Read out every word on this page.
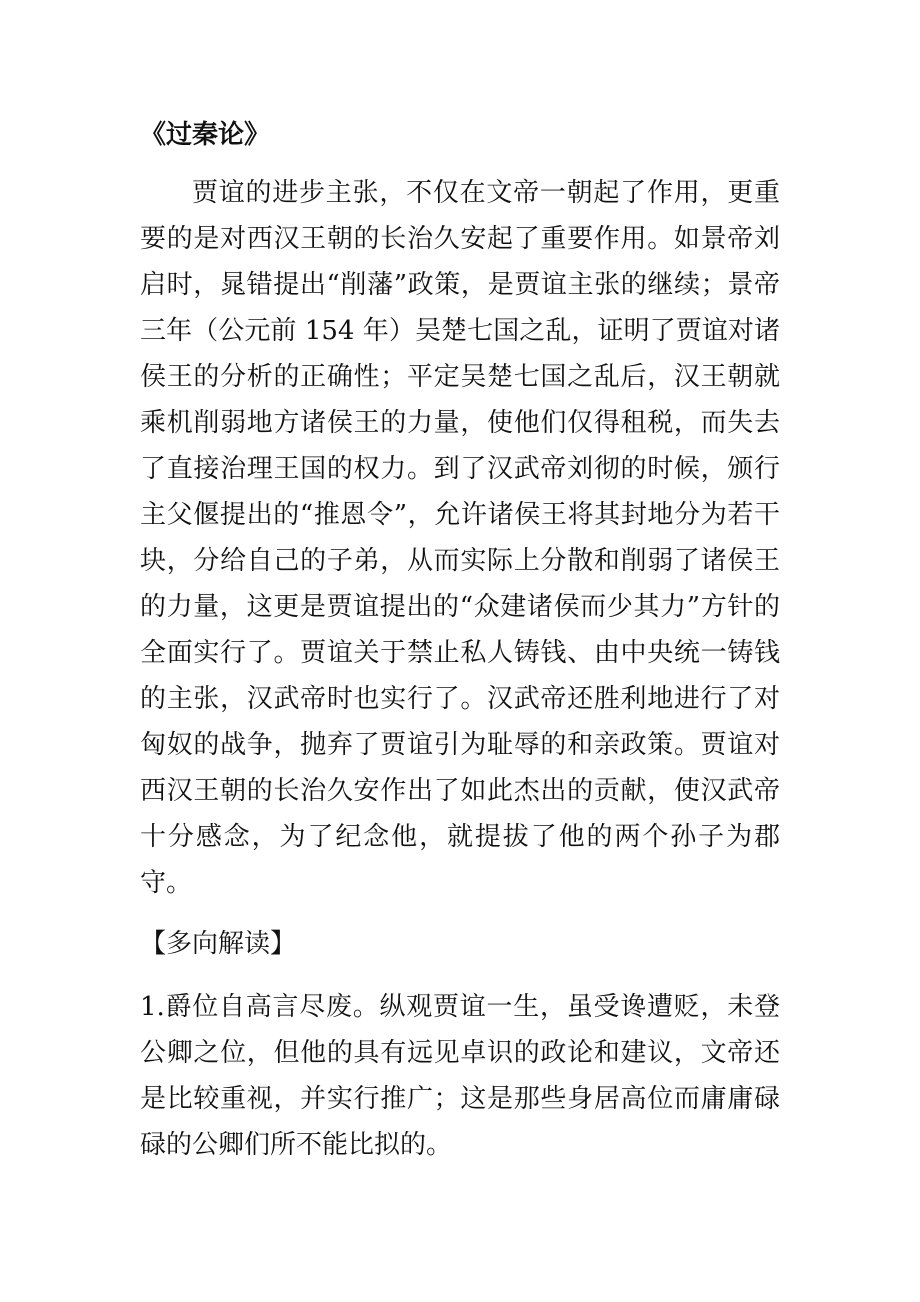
《过秦论》

贾谊的进步主张，不仅在文帝一朝起了作用，更重要的是对西汉王朝的长治久安起了重要作用。如景帝刘启时，晁错提出“削藩”政策，是贾谊主张的继续；景帝三年（公元前 154 年）吴楚七国之乱，证明了贾谊对诸侯王的分析的正确性；平定吴楚七国之乱后，汉王朝就乘机削弱地方诸侯王的力量，使他们仅得租税，而失去了直接治理王国的权力。到了汉武帝刘彻的时候，颁行主父偃提出的“推恩令”，允许诸侯王将其封地分为若干块，分给自己的子弟，从而实际上分散和削弱了诸侯王的力量，这更是贾谊提出的“众建诸侯而少其力”方针的全面实行了。贾谊关于禁止私人铸钱、由中央统一铸钱的主张，汉武帝时也实行了。汉武帝还胜利地进行了对匈奴的战争，抛弃了贾谊引为耻辱的和亲政策。贾谊对西汉王朝的长治久安作出了如此杰出的贡献，使汉武帝十分感念，为了纪念他，就提拔了他的两个孙子为郡守。

【多向解读】

1.爵位自高言尽废。纵观贾谊一生，虽受谗遭贬，未登公卿之位，但他的具有远见卓识的政论和建议，文帝还是比较重视，并实行推广；这是那些身居高位而庸庸碌碌的公卿们所不能比拟的。
